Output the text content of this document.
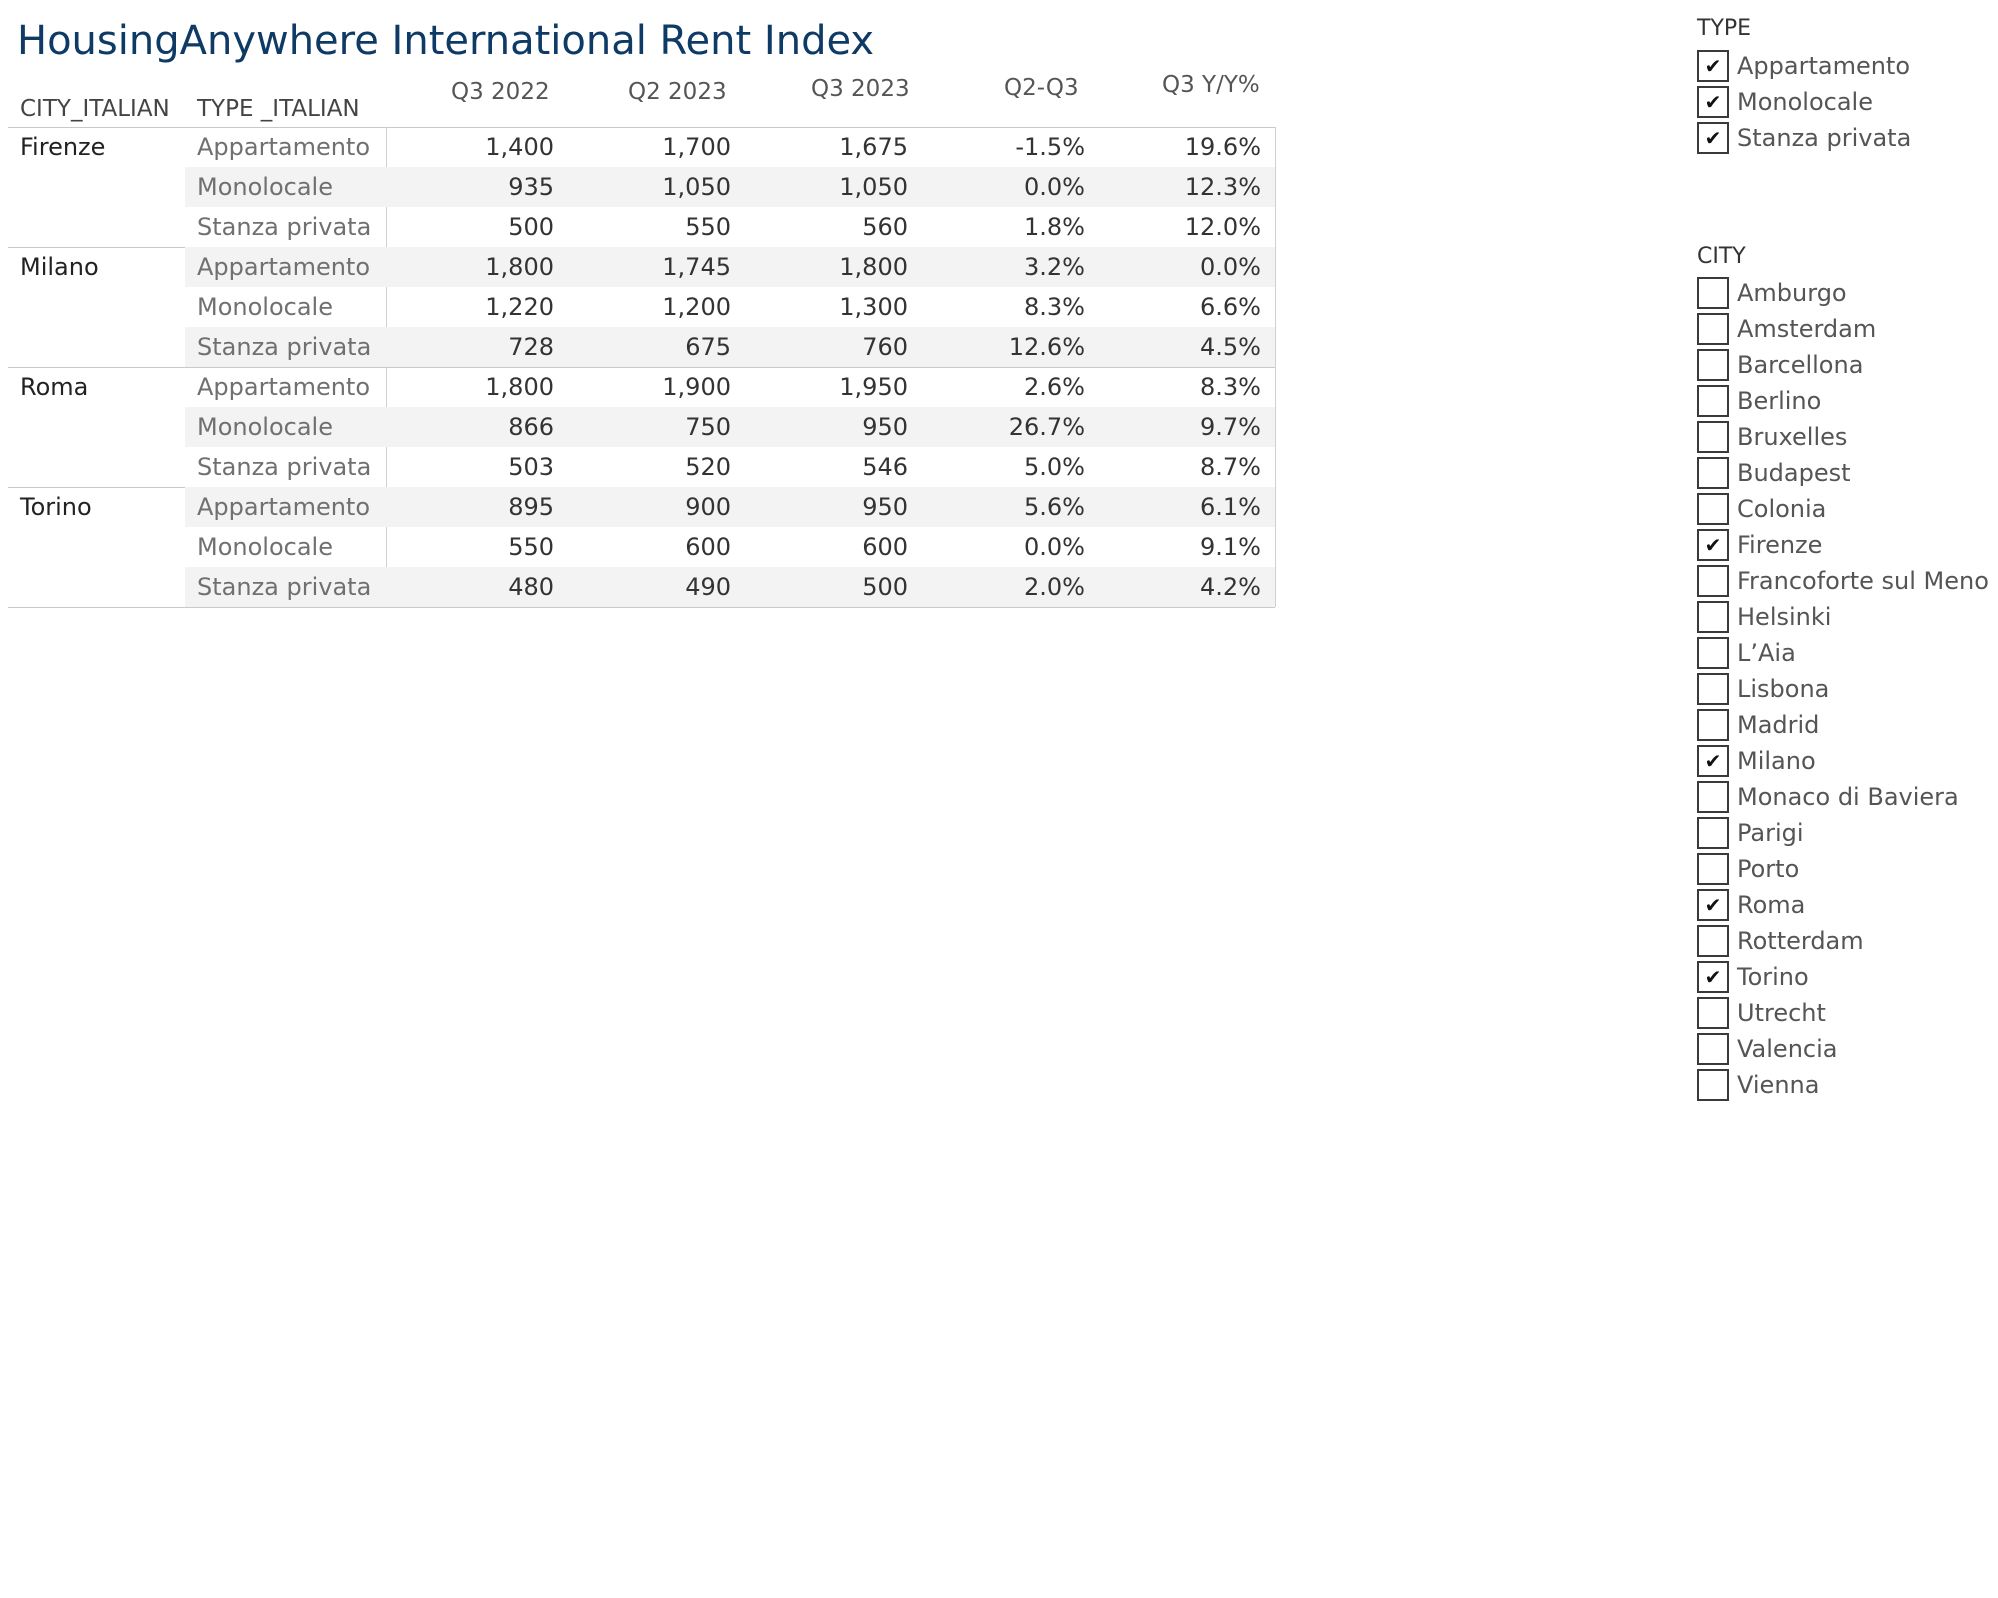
HousingAnywhere International Rent Index
CITY_ITALIAN TYPE _ITALIAN
Q3 2022	Q2 2023	Q3 2023	Q2-Q3	Q3 Y/Y%
Firenze	Appartamento	1,400	1,700	1,675	-1.5%	19.6%
Monolocale	935	1,050	1,050	0.0%	12.3%
Stanza privata	500	550	560	1.8%	12.0%
Milano	Appartamento	1,800	1,745	1,800	3.2%	0.0%
Monolocale	1,220	1,200	1,300	8.3%	6.6%
Stanza privata	728	675	760	12.6%	4.5%
Roma	Appartamento	1,800	1,900	1,950	2.6%	8.3%
Monolocale	866	750	950	26.7%	9.7%
Stanza privata	503	520	546	5.0%	8.7%
Torino	Appartamento	895	900	950	5.6%	6.1%
Monolocale	550	600	600	0.0%	9.1%
Stanza privata	480	490	500	2.0%	4.2%
TYPE
✔ Appartamento
✔ Monolocale
✔ Stanza privata
CITY
Amburgo
Amsterdam
Barcellona
Berlino
Bruxelles
Budapest
Colonia
✔ Firenze
Francoforte sul Meno
Helsinki
L’Aia
Lisbona
Madrid
✔ Milano
Monaco di Baviera
Parigi
Porto
✔ Roma
Rotterdam
✔ Torino
Utrecht
Valencia
Vienna
